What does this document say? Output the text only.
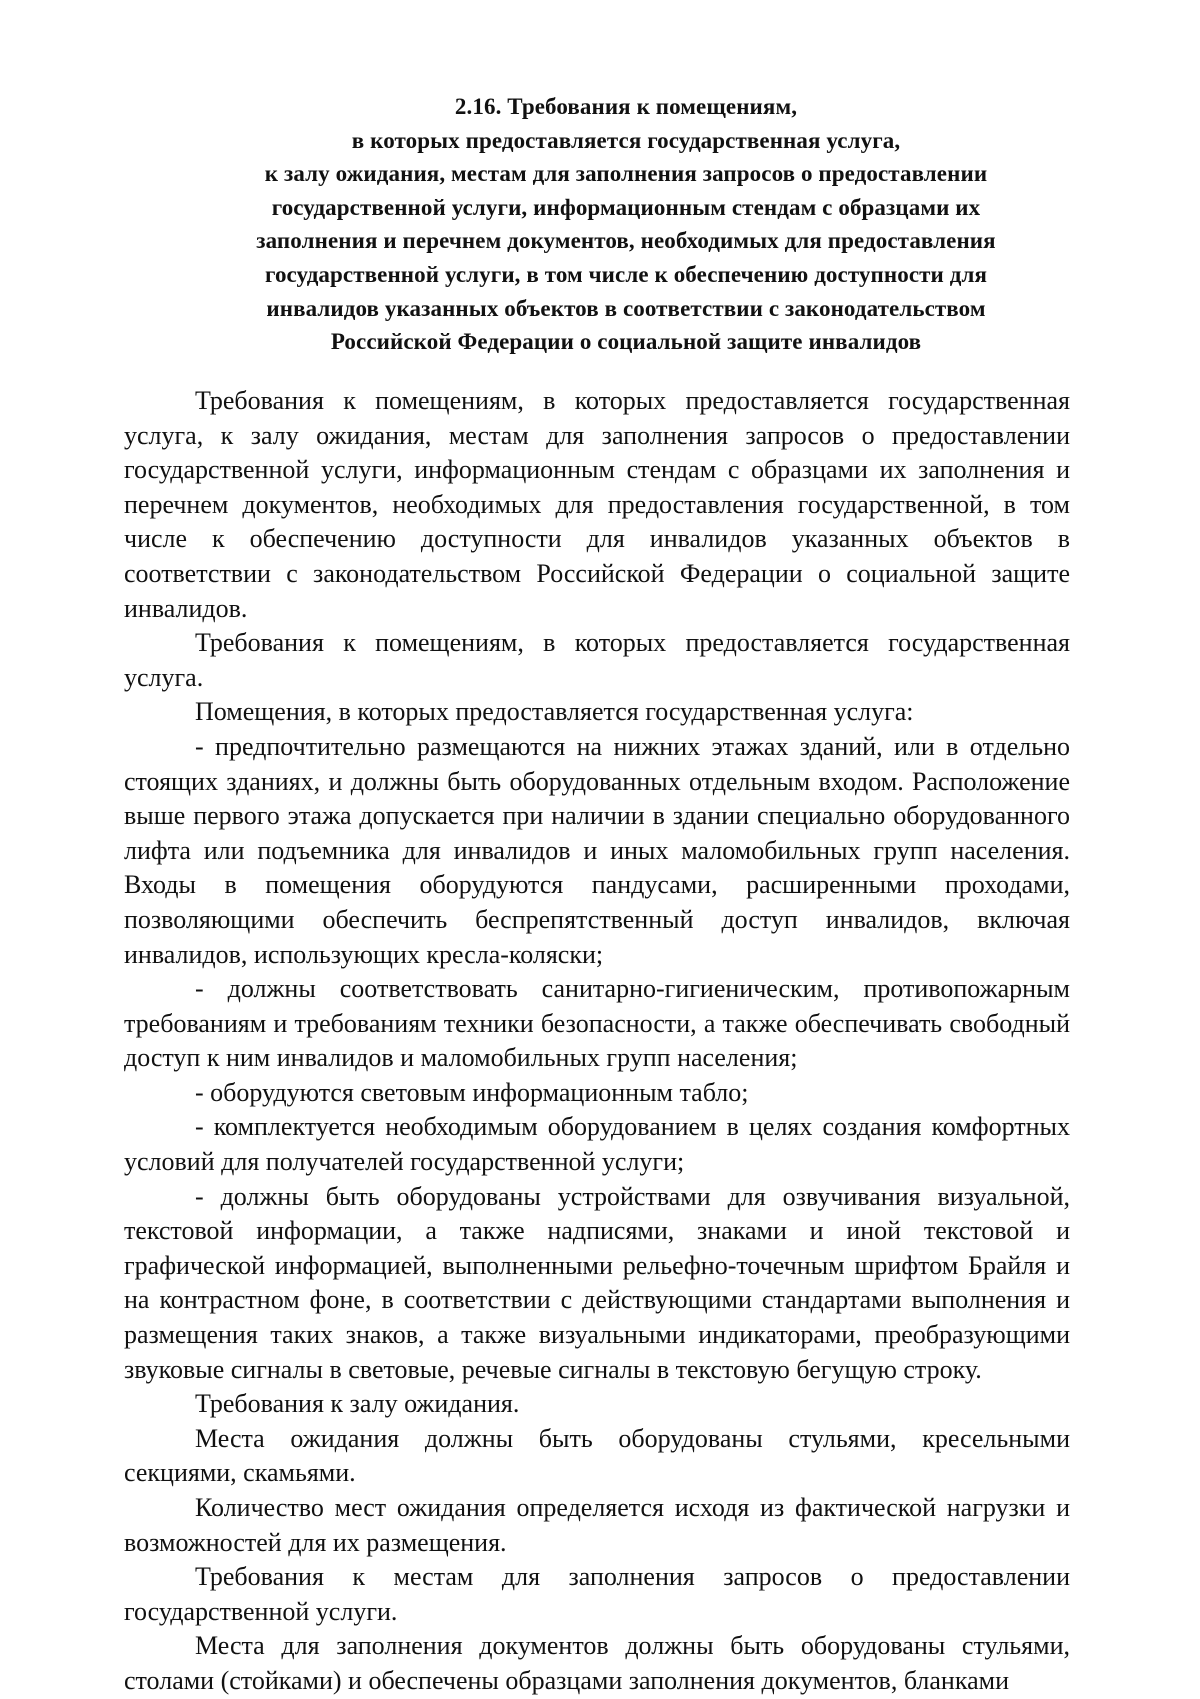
2.16. Требования к помещениям,
в которых предоставляется государственная услуга,
к залу ожидания, местам для заполнения запросов о предоставлении
государственной услуги, информационным стендам с образцами их
заполнения и перечнем документов, необходимых для предоставления
государственной услуги, в том числе к обеспечению доступности для
инвалидов указанных объектов в соответствии с законодательством
Российской Федерации о социальной защите инвалидов

Требования к помещениям, в которых предоставляется государственная услуга, к залу ожидания, местам для заполнения запросов о предоставлении государственной услуги, информационным стендам с образцами их заполнения и перечнем документов, необходимых для предоставления государственной, в том числе к обеспечению доступности для инвалидов указанных объектов в соответствии с законодательством Российской Федерации о социальной защите инвалидов.

Требования к помещениям, в которых предоставляется государственная услуга.

Помещения, в которых предоставляется государственная услуга:

- предпочтительно размещаются на нижних этажах зданий, или в отдельно стоящих зданиях, и должны быть оборудованных отдельным входом. Расположение выше первого этажа допускается при наличии в здании специально оборудованного лифта или подъемника для инвалидов и иных маломобильных групп населения. Входы в помещения оборудуются пандусами, расширенными проходами, позволяющими обеспечить беспрепятственный доступ инвалидов, включая инвалидов, использующих кресла-коляски;

- должны соответствовать санитарно-гигиеническим, противопожарным требованиям и требованиям техники безопасности, а также обеспечивать свободный доступ к ним инвалидов и маломобильных групп населения;

- оборудуются световым информационным табло;

- комплектуется необходимым оборудованием в целях создания комфортных условий для получателей государственной услуги;

- должны быть оборудованы устройствами для озвучивания визуальной, текстовой информации, а также надписями, знаками и иной текстовой и графической информацией, выполненными рельефно-точечным шрифтом Брайля и на контрастном фоне, в соответствии с действующими стандартами выполнения и размещения таких знаков, а также визуальными индикаторами, преобразующими звуковые сигналы в световые, речевые сигналы в текстовую бегущую строку.

Требования к залу ожидания.

Места ожидания должны быть оборудованы стульями, кресельными секциями, скамьями.

Количество мест ожидания определяется исходя из фактической нагрузки и возможностей для их размещения.

Требования к местам для заполнения запросов о предоставлении государственной услуги.

Места для заполнения документов должны быть оборудованы стульями, столами (стойками) и обеспечены образцами заполнения документов, бланками
